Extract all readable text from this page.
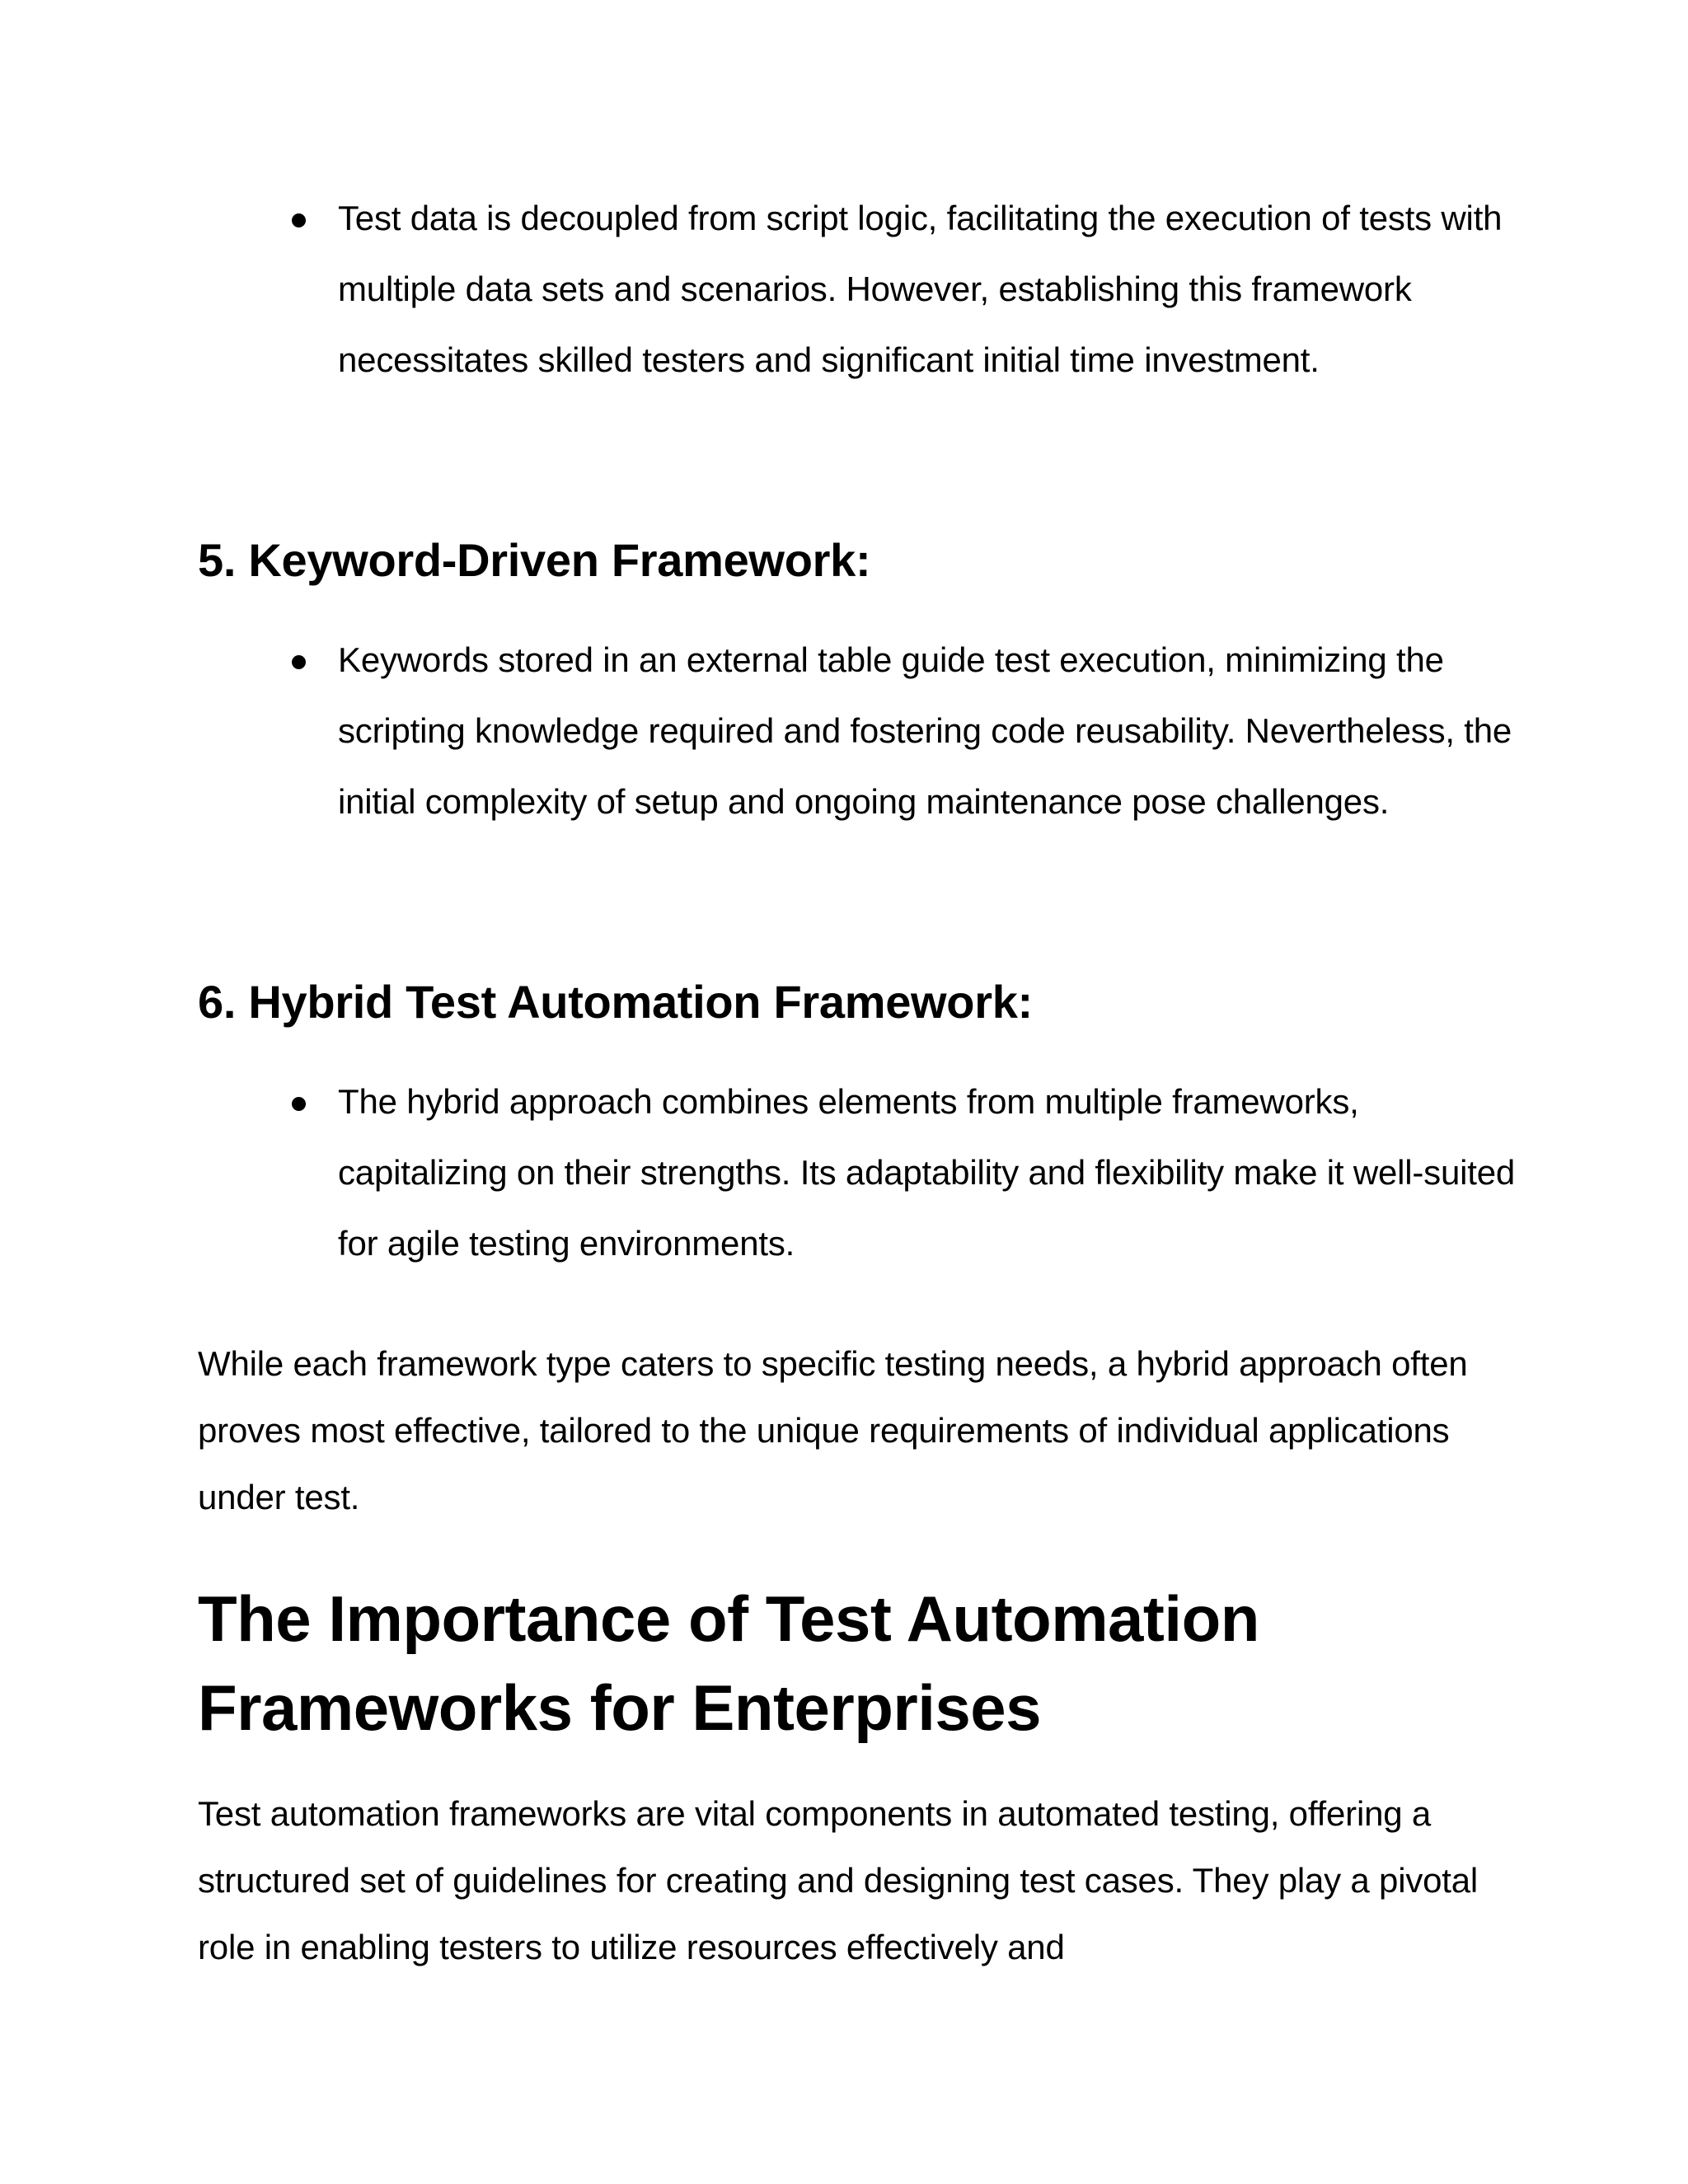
Test data is decoupled from script logic, facilitating the execution of tests with multiple data sets and scenarios. However, establishing this framework necessitates skilled testers and significant initial time investment.
5. Keyword-Driven Framework:
Keywords stored in an external table guide test execution, minimizing the scripting knowledge required and fostering code reusability. Nevertheless, the initial complexity of setup and ongoing maintenance pose challenges.
6. Hybrid Test Automation Framework:
The hybrid approach combines elements from multiple frameworks, capitalizing on their strengths. Its adaptability and flexibility make it well-suited for agile testing environments.

While each framework type caters to specific testing needs, a hybrid approach often proves most effective, tailored to the unique requirements of individual applications under test.

The Importance of Test Automation Frameworks for Enterprises

Test automation frameworks are vital components in automated testing, offering a structured set of guidelines for creating and designing test cases. They play a pivotal role in enabling testers to utilize resources effectively and
